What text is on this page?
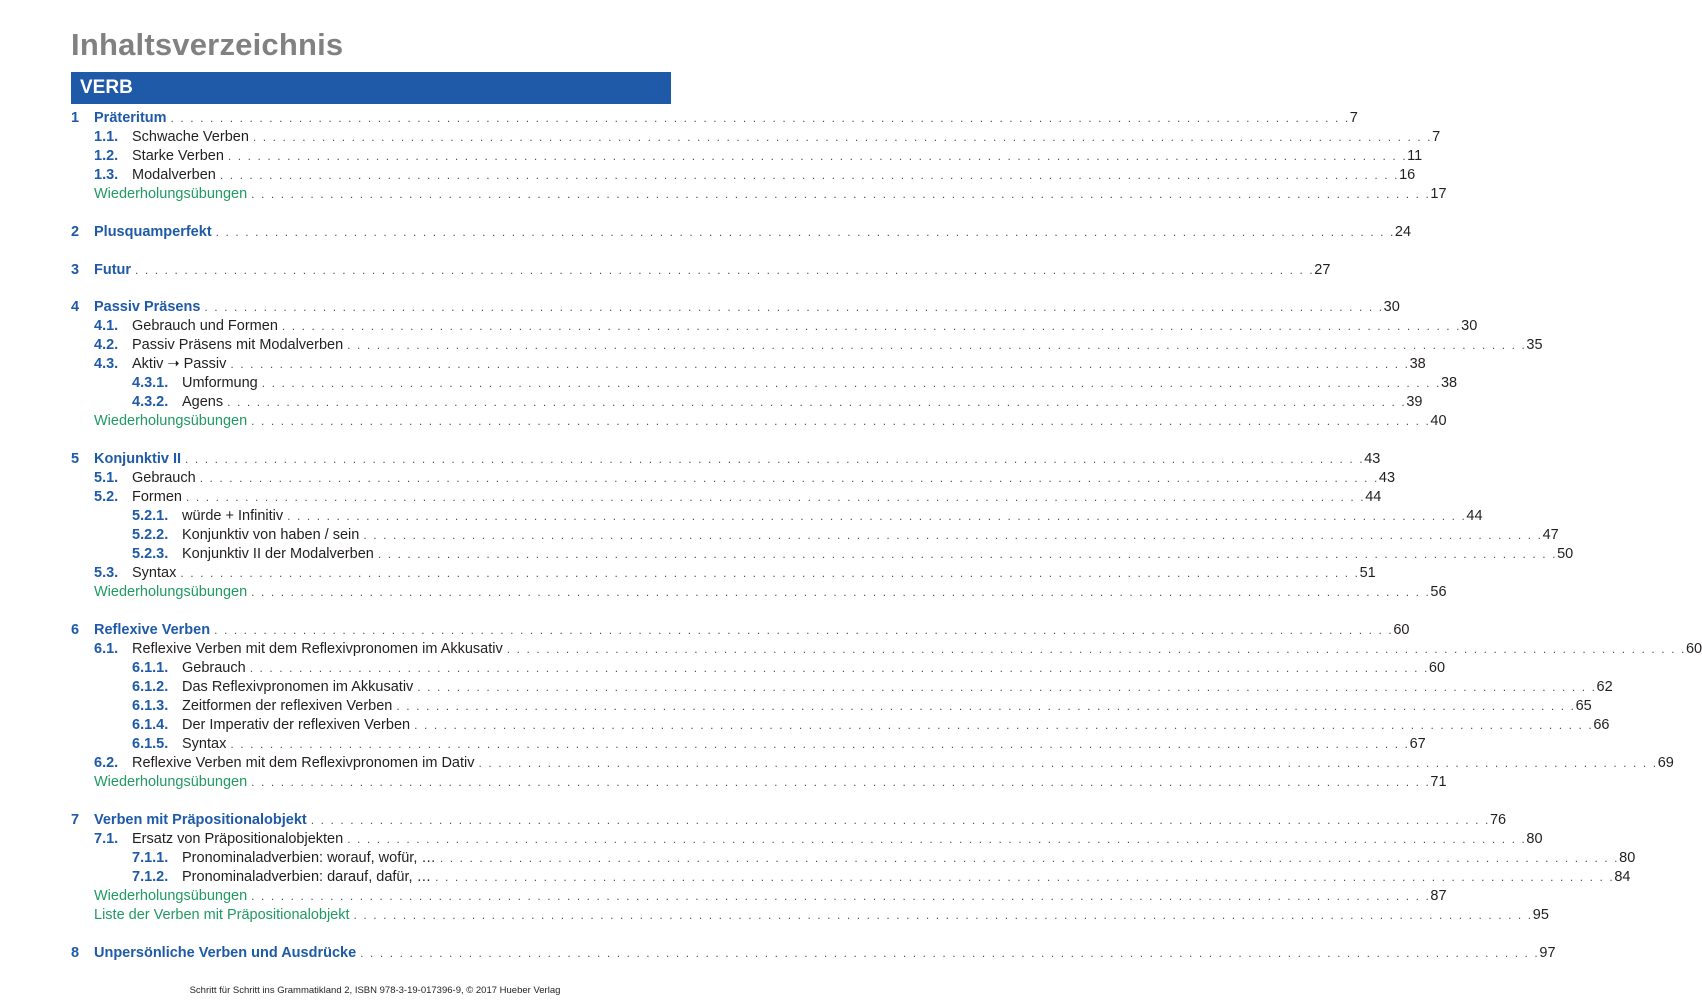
Inhaltsverzeichnis
VERB
1 Präteritum . . . . . . . . . . . . . . . . . . . . . . . . . . . . . . . . . . . . . . . . . . . . . . . . . . . . . . . . . . . . . . . . . . . . . . . . . . . . . . . . . . . . . . . . . . . . . . . . . . . . . . . . . . . . . . . . . . . . . . . . 7
1.1. Schwache Verben . . . . . . . . . . . . . . . . . . . . . . . . . . . . . . . . . . . . . . . . . . . . . . . . . . . . . . . . . . . . . . . . . . . . . . . . . . . . . . . . . . . . . . . . . . . . . . . . . . . . . . . . . . . . . . . . . . . . . . . . 7
1.2. Starke Verben . . . . . . . . . . . . . . . . . . . . . . . . . . . . . . . . . . . . . . . . . . . . . . . . . . . . . . . . . . . . . . . . . . . . . . . . . . . . . . . . . . . . . . . . . . . . . . . . . . . . . . . . . . . . . . . . . . . . . . . . 11
1.3. Modalverben . . . . . . . . . . . . . . . . . . . . . . . . . . . . . . . . . . . . . . . . . . . . . . . . . . . . . . . . . . . . . . . . . . . . . . . . . . . . . . . . . . . . . . . . . . . . . . . . . . . . . . . . . . . . . . . . . . . . . . . . 16
Wiederholungsübungen . . . . . . . . . . . . . . . . . . . . . . . . . . . . . . . . . . . . . . . . . . . . . . . . . . . . . . . . . . . . . . . . . . . . . . . . . . . . . . . . . . . . . . . . . . . . . . . . . . . . . . . . . . . . . . . . . . . . . . . . 17
2 Plusquamperfekt . . . . . . . . . . . . . . . . . . . . . . . . . . . . . . . . . . . . . . . . . . . . . . . . . . . . . . . . . . . . . . . . . . . . . . . . . . . . . . . . . . . . . . . . . . . . . . . . . . . . . . . . . . . . . . . . . . . . . . . . 24
3 Futur . . . . . . . . . . . . . . . . . . . . . . . . . . . . . . . . . . . . . . . . . . . . . . . . . . . . . . . . . . . . . . . . . . . . . . . . . . . . . . . . . . . . . . . . . . . . . . . . . . . . . . . . . . . . . . . . . . . . . . . . 27
4 Passiv Präsens . . . . . . . . . . . . . . . . . . . . . . . . . . . . . . . . . . . . . . . . . . . . . . . . . . . . . . . . . . . . . . . . . . . . . . . . . . . . . . . . . . . . . . . . . . . . . . . . . . . . . . . . . . . . . . . . . . . . . . . . 30
4.1. Gebrauch und Formen . . . . . . . . . . . . . . . . . . . . . . . . . . . . . . . . . . . . . . . . . . . . . . . . . . . . . . . . . . . . . . . . . . . . . . . . . . . . . . . . . . . . . . . . . . . . . . . . . . . . . . . . . . . . . . . . . . . . . . . . 30
4.2. Passiv Präsens mit Modalverben . . . . . . . . . . . . . . . . . . . . . . . . . . . . . . . . . . . . . . . . . . . . . . . . . . . . . . . . . . . . . . . . . . . . . . . . . . . . . . . . . . . . . . . . . . . . . . . . . . . . . . . . . . . . . . . . . . . . . . . . 35
4.3. Aktiv ➝ Passiv . . . . . . . . . . . . . . . . . . . . . . . . . . . . . . . . . . . . . . . . . . . . . . . . . . . . . . . . . . . . . . . . . . . . . . . . . . . . . . . . . . . . . . . . . . . . . . . . . . . . . . . . . . . . . . . . . . . . . . . . 38
4.3.1. Umformung . . . . . . . . . . . . . . . . . . . . . . . . . . . . . . . . . . . . . . . . . . . . . . . . . . . . . . . . . . . . . . . . . . . . . . . . . . . . . . . . . . . . . . . . . . . . . . . . . . . . . . . . . . . . . . . . . . . . . . . . 38
4.3.2. Agens . . . . . . . . . . . . . . . . . . . . . . . . . . . . . . . . . . . . . . . . . . . . . . . . . . . . . . . . . . . . . . . . . . . . . . . . . . . . . . . . . . . . . . . . . . . . . . . . . . . . . . . . . . . . . . . . . . . . . . . . 39
Wiederholungsübungen . . . . . . . . . . . . . . . . . . . . . . . . . . . . . . . . . . . . . . . . . . . . . . . . . . . . . . . . . . . . . . . . . . . . . . . . . . . . . . . . . . . . . . . . . . . . . . . . . . . . . . . . . . . . . . . . . . . . . . . . 40
5 Konjunktiv II . . . . . . . . . . . . . . . . . . . . . . . . . . . . . . . . . . . . . . . . . . . . . . . . . . . . . . . . . . . . . . . . . . . . . . . . . . . . . . . . . . . . . . . . . . . . . . . . . . . . . . . . . . . . . . . . . . . . . . . . 43
5.1. Gebrauch . . . . . . . . . . . . . . . . . . . . . . . . . . . . . . . . . . . . . . . . . . . . . . . . . . . . . . . . . . . . . . . . . . . . . . . . . . . . . . . . . . . . . . . . . . . . . . . . . . . . . . . . . . . . . . . . . . . . . . . . 43
5.2. Formen . . . . . . . . . . . . . . . . . . . . . . . . . . . . . . . . . . . . . . . . . . . . . . . . . . . . . . . . . . . . . . . . . . . . . . . . . . . . . . . . . . . . . . . . . . . . . . . . . . . . . . . . . . . . . . . . . . . . . . . . 44
5.2.1. würde + Infinitiv . . . . . . . . . . . . . . . . . . . . . . . . . . . . . . . . . . . . . . . . . . . . . . . . . . . . . . . . . . . . . . . . . . . . . . . . . . . . . . . . . . . . . . . . . . . . . . . . . . . . . . . . . . . . . . . . . . . . . . . . 44
5.2.2. Konjunktiv von haben / sein . . . . . . . . . . . . . . . . . . . . . . . . . . . . . . . . . . . . . . . . . . . . . . . . . . . . . . . . . . . . . . . . . . . . . . . . . . . . . . . . . . . . . . . . . . . . . . . . . . . . . . . . . . . . . . . . . . . . . . . . 47
5.2.3. Konjunktiv II der Modalverben . . . . . . . . . . . . . . . . . . . . . . . . . . . . . . . . . . . . . . . . . . . . . . . . . . . . . . . . . . . . . . . . . . . . . . . . . . . . . . . . . . . . . . . . . . . . . . . . . . . . . . . . . . . . . . . . . . . . . . . . 50
5.3. Syntax . . . . . . . . . . . . . . . . . . . . . . . . . . . . . . . . . . . . . . . . . . . . . . . . . . . . . . . . . . . . . . . . . . . . . . . . . . . . . . . . . . . . . . . . . . . . . . . . . . . . . . . . . . . . . . . . . . . . . . . . 51
Wiederholungsübungen . . . . . . . . . . . . . . . . . . . . . . . . . . . . . . . . . . . . . . . . . . . . . . . . . . . . . . . . . . . . . . . . . . . . . . . . . . . . . . . . . . . . . . . . . . . . . . . . . . . . . . . . . . . . . . . . . . . . . . . . 56
6 Reflexive Verben . . . . . . . . . . . . . . . . . . . . . . . . . . . . . . . . . . . . . . . . . . . . . . . . . . . . . . . . . . . . . . . . . . . . . . . . . . . . . . . . . . . . . . . . . . . . . . . . . . . . . . . . . . . . . . . . . . . . . . . . 60
6.1. Reflexive Verben mit dem Reflexivpronomen im Akkusativ . . . . . . . . . . . . . . . . . . . . . . . . . . . . . . . . . . . . . . . . . . . . . . . . . . . . . . . . . . . . . . . . . . . . . . . . . . . . . . . . . . . . . . . . . . . . . . . . . . . . . . . . . . . . . . . . . . . . . . . . 60
6.1.1. Gebrauch . . . . . . . . . . . . . . . . . . . . . . . . . . . . . . . . . . . . . . . . . . . . . . . . . . . . . . . . . . . . . . . . . . . . . . . . . . . . . . . . . . . . . . . . . . . . . . . . . . . . . . . . . . . . . . . . . . . . . . . . 60
6.1.2. Das Reflexivpronomen im Akkusativ . . . . . . . . . . . . . . . . . . . . . . . . . . . . . . . . . . . . . . . . . . . . . . . . . . . . . . . . . . . . . . . . . . . . . . . . . . . . . . . . . . . . . . . . . . . . . . . . . . . . . . . . . . . . . . . . . . . . . . . . 62
6.1.3. Zeitformen der reflexiven Verben . . . . . . . . . . . . . . . . . . . . . . . . . . . . . . . . . . . . . . . . . . . . . . . . . . . . . . . . . . . . . . . . . . . . . . . . . . . . . . . . . . . . . . . . . . . . . . . . . . . . . . . . . . . . . . . . . . . . . . . . 65
6.1.4. Der Imperativ der reflexiven Verben . . . . . . . . . . . . . . . . . . . . . . . . . . . . . . . . . . . . . . . . . . . . . . . . . . . . . . . . . . . . . . . . . . . . . . . . . . . . . . . . . . . . . . . . . . . . . . . . . . . . . . . . . . . . . . . . . . . . . . . . 66
6.1.5. Syntax . . . . . . . . . . . . . . . . . . . . . . . . . . . . . . . . . . . . . . . . . . . . . . . . . . . . . . . . . . . . . . . . . . . . . . . . . . . . . . . . . . . . . . . . . . . . . . . . . . . . . . . . . . . . . . . . . . . . . . . . 67
6.2. Reflexive Verben mit dem Reflexivpronomen im Dativ . . . . . . . . . . . . . . . . . . . . . . . . . . . . . . . . . . . . . . . . . . . . . . . . . . . . . . . . . . . . . . . . . . . . . . . . . . . . . . . . . . . . . . . . . . . . . . . . . . . . . . . . . . . . . . . . . . . . . . . . 69
Wiederholungsübungen . . . . . . . . . . . . . . . . . . . . . . . . . . . . . . . . . . . . . . . . . . . . . . . . . . . . . . . . . . . . . . . . . . . . . . . . . . . . . . . . . . . . . . . . . . . . . . . . . . . . . . . . . . . . . . . . . . . . . . . . 71
7 Verben mit Präpositionalobjekt . . . . . . . . . . . . . . . . . . . . . . . . . . . . . . . . . . . . . . . . . . . . . . . . . . . . . . . . . . . . . . . . . . . . . . . . . . . . . . . . . . . . . . . . . . . . . . . . . . . . . . . . . . . . . . . . . . . . . . . . 76
7.1. Ersatz von Präpositionalobjekten . . . . . . . . . . . . . . . . . . . . . . . . . . . . . . . . . . . . . . . . . . . . . . . . . . . . . . . . . . . . . . . . . . . . . . . . . . . . . . . . . . . . . . . . . . . . . . . . . . . . . . . . . . . . . . . . . . . . . . . . 80
7.1.1. Pronominaladverbien: worauf, wofür, … . . . . . . . . . . . . . . . . . . . . . . . . . . . . . . . . . . . . . . . . . . . . . . . . . . . . . . . . . . . . . . . . . . . . . . . . . . . . . . . . . . . . . . . . . . . . . . . . . . . . . . . . . . . . . . . . . . . . . . . . 80
7.1.2. Pronominaladverbien: darauf, dafür, … . . . . . . . . . . . . . . . . . . . . . . . . . . . . . . . . . . . . . . . . . . . . . . . . . . . . . . . . . . . . . . . . . . . . . . . . . . . . . . . . . . . . . . . . . . . . . . . . . . . . . . . . . . . . . . . . . . . . . . . . 84
Wiederholungsübungen . . . . . . . . . . . . . . . . . . . . . . . . . . . . . . . . . . . . . . . . . . . . . . . . . . . . . . . . . . . . . . . . . . . . . . . . . . . . . . . . . . . . . . . . . . . . . . . . . . . . . . . . . . . . . . . . . . . . . . . . 87
Liste der Verben mit Präpositionalobjekt . . . . . . . . . . . . . . . . . . . . . . . . . . . . . . . . . . . . . . . . . . . . . . . . . . . . . . . . . . . . . . . . . . . . . . . . . . . . . . . . . . . . . . . . . . . . . . . . . . . . . . . . . . . . . . . . . . . . . . . . 95
8 Unpersönliche Verben und Ausdrücke . . . . . . . . . . . . . . . . . . . . . . . . . . . . . . . . . . . . . . . . . . . . . . . . . . . . . . . . . . . . . . . . . . . . . . . . . . . . . . . . . . . . . . . . . . . . . . . . . . . . . . . . . . . . . . . . . . . . . . . . 97
Schritt für Schritt ins Grammatikland 2, ISBN 978-3-19-017396-9, © 2017 Hueber Verlag
